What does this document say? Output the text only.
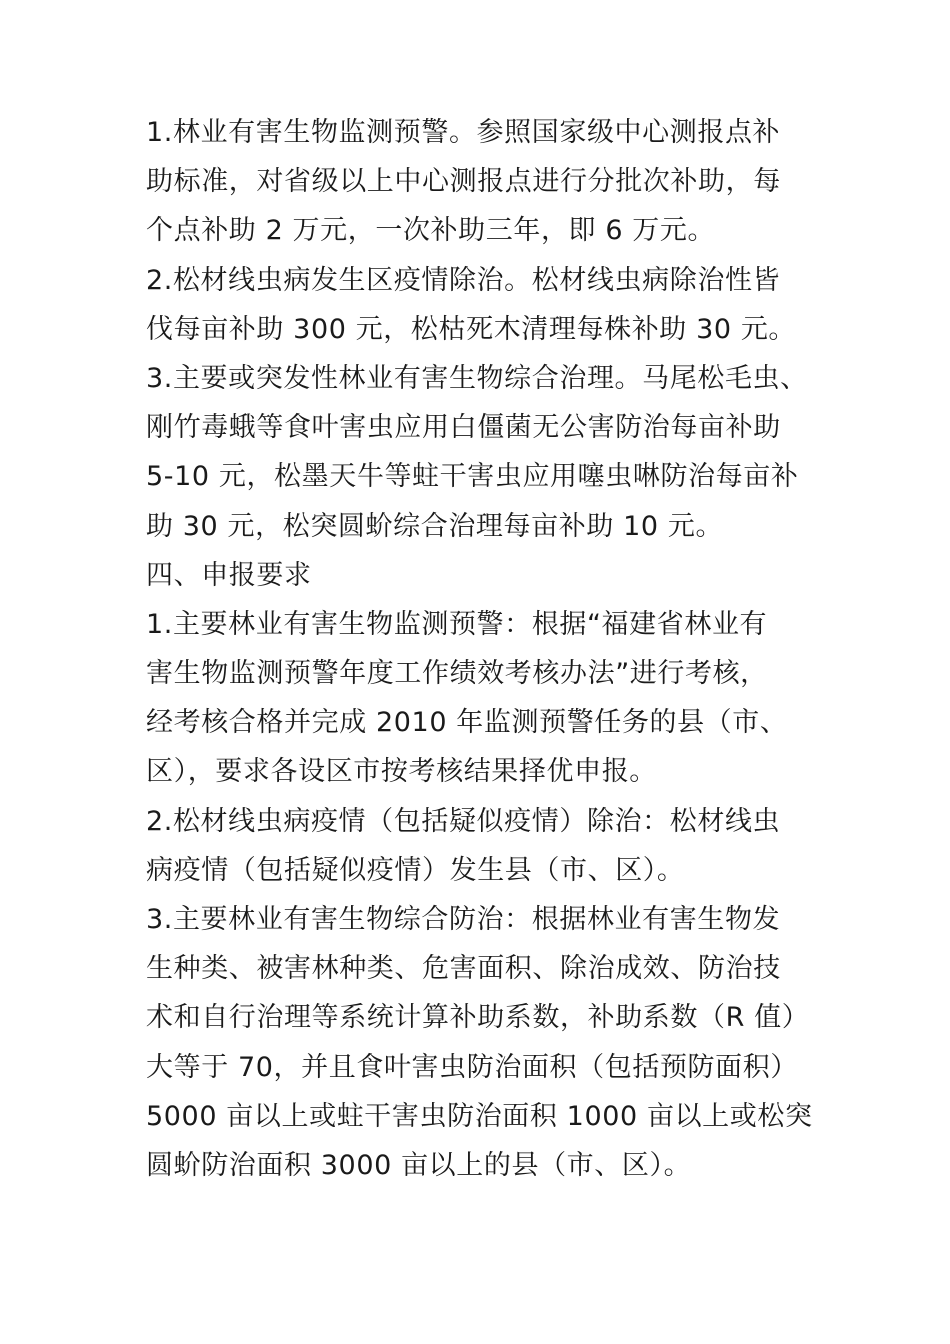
1.林业有害生物监测预警。参照国家级中心测报点补
助标准，对省级以上中心测报点进行分批次补助，每
个点补助 2 万元，一次补助三年，即 6 万元。
2.松材线虫病发生区疫情除治。松材线虫病除治性皆
伐每亩补助 300 元，松枯死木清理每株补助 30 元。
3.主要或突发性林业有害生物综合治理。马尾松毛虫、
刚竹毒蛾等食叶害虫应用白僵菌无公害防治每亩补助
5-10 元，松墨天牛等蛀干害虫应用噻虫啉防治每亩补
助 30 元，松突圆蚧综合治理每亩补助 10 元。
四、申报要求
1.主要林业有害生物监测预警：根据“福建省林业有
害生物监测预警年度工作绩效考核办法”进行考核，
经考核合格并完成 2010 年监测预警任务的县（市、
区），要求各设区市按考核结果择优申报。
2.松材线虫病疫情（包括疑似疫情）除治：松材线虫
病疫情（包括疑似疫情）发生县（市、区）。
3.主要林业有害生物综合防治：根据林业有害生物发
生种类、被害林种类、危害面积、除治成效、防治技
术和自行治理等系统计算补助系数，补助系数（R 值）
大等于 70，并且食叶害虫防治面积（包括预防面积）
5000 亩以上或蛀干害虫防治面积 1000 亩以上或松突
圆蚧防治面积 3000 亩以上的县（市、区）。
